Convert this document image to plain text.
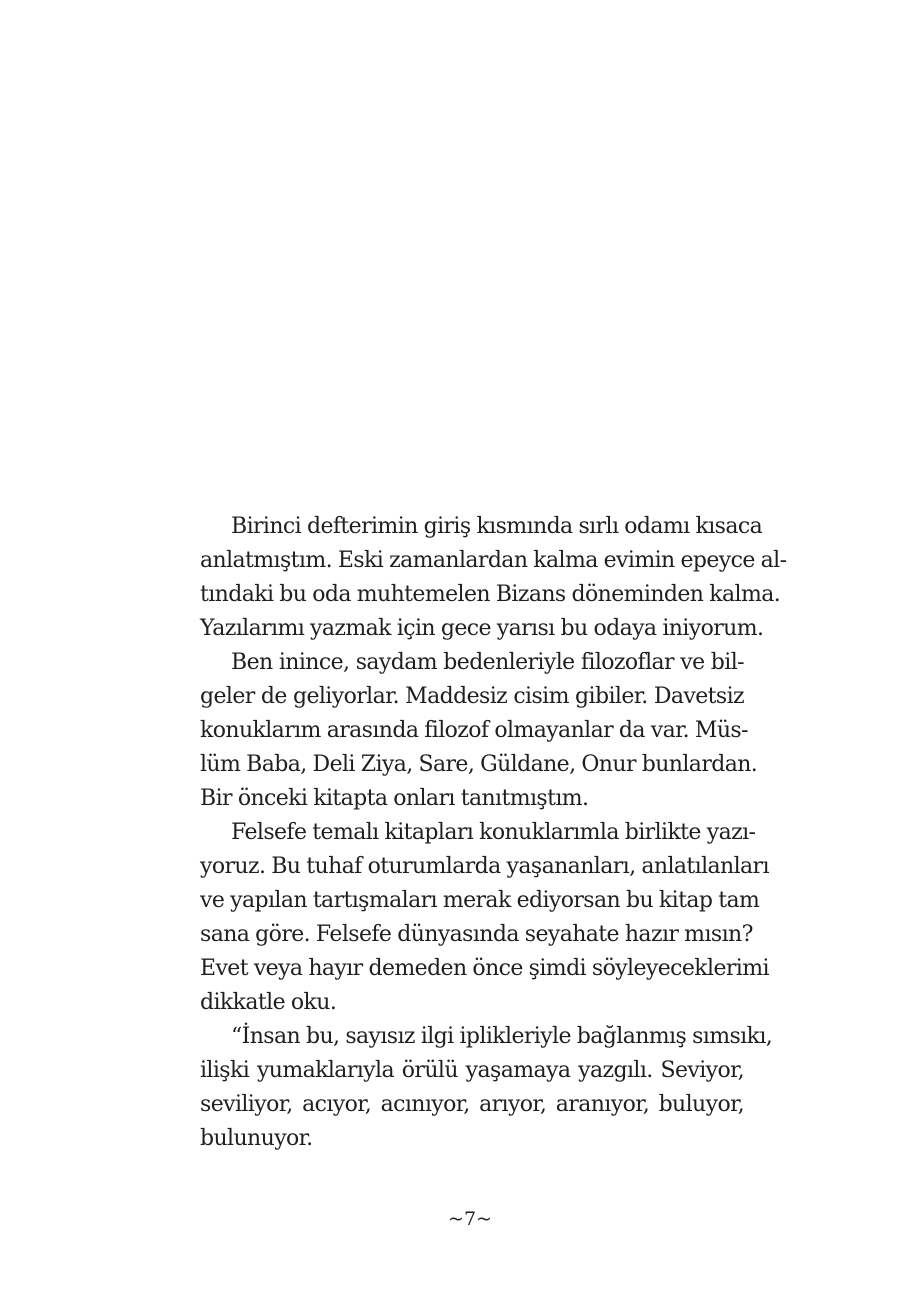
Birinci defterimin giriş kısmında sırlı odamı kısaca
anlatmıştım. Eski zamanlardan kalma evimin epeyce al-
tındaki bu oda muhtemelen Bizans döneminden kalma.
Yazılarımı yazmak için gece yarısı bu odaya iniyorum.
Ben inince, saydam bedenleriyle filozoflar ve bil-
geler de geliyorlar. Maddesiz cisim gibiler. Davetsiz
konuklarım arasında filozof olmayanlar da var. Müs-
lüm Baba, Deli Ziya, Sare, Güldane, Onur bunlardan.
Bir önceki kitapta onları tanıtmıştım.
Felsefe temalı kitapları konuklarımla birlikte yazı-
yoruz. Bu tuhaf oturumlarda yaşananları, anlatılanları
ve yapılan tartışmaları merak ediyorsan bu kitap tam
sana göre. Felsefe dünyasında seyahate hazır mısın?
Evet veya hayır demeden önce şimdi söyleyeceklerimi
dikkatle oku.
“İnsan bu, sayısız ilgi iplikleriyle bağlanmış sımsıkı,
ilişki yumaklarıyla örülü yaşamaya yazgılı. Seviyor,
seviliyor, acıyor, acınıyor, arıyor, aranıyor, buluyor,
bulunuyor.
~7~
